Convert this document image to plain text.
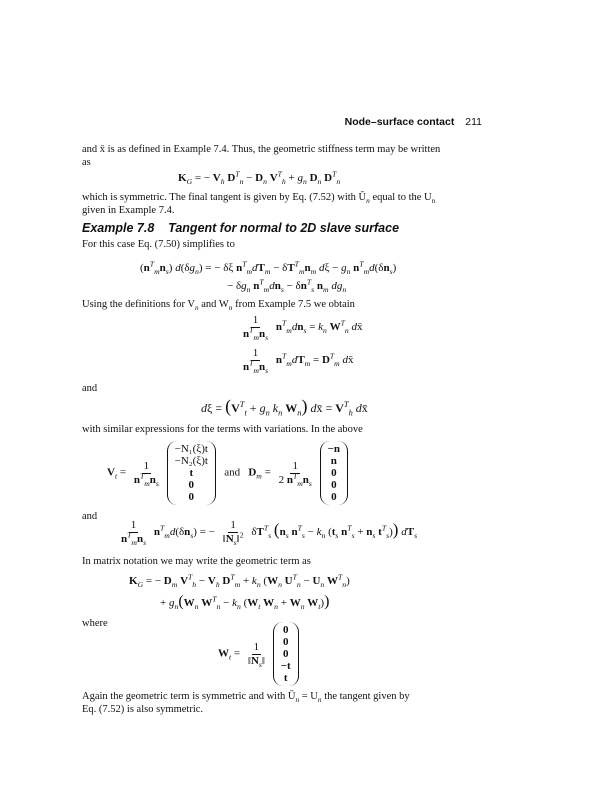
Node–surface contact 211
and x̄ is as defined in Example 7.4. Thus, the geometric stiffness term may be written
as
$K_G$ = − $V_h$ $D^T_n - D_n$ $V^T_h + g_n$ $D_n$ $D^T_n$
which is symmetric. The final tangent is given by Eq. (7.52) with $Ū_n$ equal to the $U_n$
given in Example 7.4.
Example 7.8 Tangent for normal to 2D slave surface
For this case Eq. (7.50) simplifies to
$(n^T_mn_s) d(\delta g_n)$ = − δξ $n^T_mdT_m - \delta T^T_mn_m$ $d\xi - g_n$ $n^T_md(\delta n_s)$
− $\delta g_n$ $n^T_mdn_s - \delta n^T_s$ $n_m$ $dg_n$
Using the definitions for $V_n$ and $W_n$ from Example 7.5 we obtain
$\frac{1}{n^T_mn_s} n^T_mdn_s = k_n$ $W^T_n$ dx̄
$\frac{1}{n^T_mn_s} n^T_mdT_m = D^T_m$ dx̄
and
$d\xi = (V^T_t + g_n$ $k_n$ $W_n$) dx̄ = $V^T_h$ dx̄
with similar expressions for the terms with variations. In the above
$V_t = \frac{1}{n^T_mn_s}$

−N₁(ξ)t
−N₂(ξ)t
t
0
0
and $D_m = \frac{1}{2 n^T_mn_s}$

−n
n
0
0
0
and
$\frac{1}{n^T_mn_s} n^T_md(\delta n_s)$ = − $\frac{1}{‖N_s‖^2} \delta T^T_s$ ($n_s$ $n^T_s - k_n$ ($t_s$ $n^T_s + n_s$ $t^T_s$)) $dT_s$
In matrix notation we may write the geometric term as
$K_G$ = − $D_m$ $V^T_h - V_h$ $D^T_m + k_n$ ($W_n$ $U^T_n - U_n$ $W^T_n$)
+ $g_n(W_n$ $W^T_n - k_n$ ($W_t$ $W_n + W_n$ $W_t$))
where
$W_t = \frac{1}{‖N_s‖}$

0
0
0
−t
t
Again the geometric term is symmetric and with $Ū_n = U_n$ the tangent given by
Eq. (7.52) is also symmetric.
